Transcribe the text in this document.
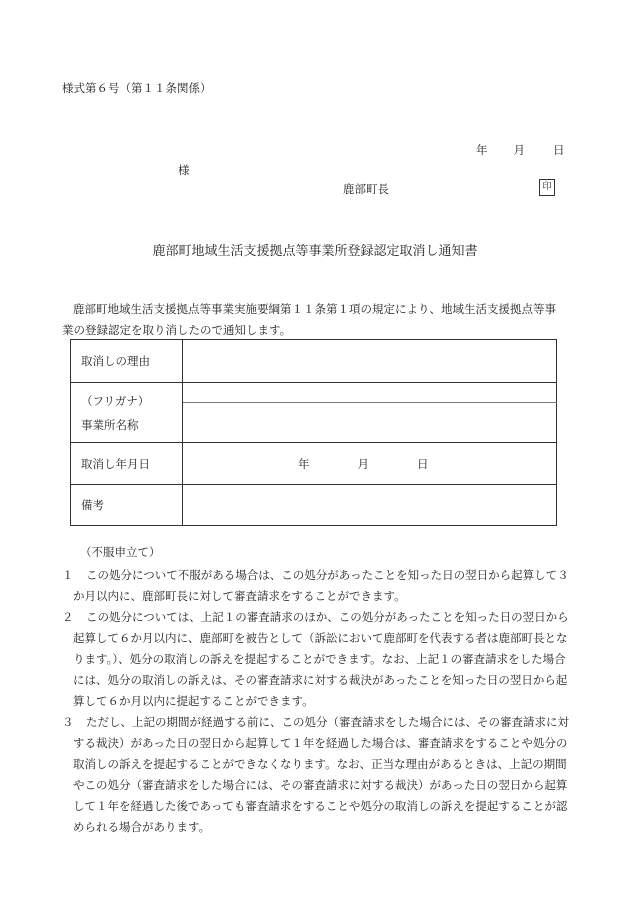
様式第６号（第１１条関係）
年 月 日
様
鹿部町長	印
鹿部町地域生活支援拠点等事業所登録認定取消し通知書
鹿部町地域生活支援拠点等事業実施要綱第１１条第１項の規定により、地域生活支援拠点等事業の登録認定を取り消したので通知します。
取消しの理由	

（フリガナ）
事業所名称	

取消し年月日	年 月 日
備考	
（不服申立て）
１ この処分について不服がある場合は、この処分があったことを知った日の翌日から起算して３か月以内に、鹿部町長に対して審査請求をすることができます。
２ この処分については、上記１の審査請求のほか、この処分があったことを知った日の翌日から起算して６か月以内に、鹿部町を被告として（訴訟において鹿部町を代表する者は鹿部町長となります。）、処分の取消しの訴えを提起することができます。なお、上記１の審査請求をした場合には、処分の取消しの訴えは、その審査請求に対する裁決があったことを知った日の翌日から起算して６か月以内に提起することができます。
３ ただし、上記の期間が経過する前に、この処分（審査請求をした場合には、その審査請求に対する裁決）があった日の翌日から起算して１年を経過した場合は、審査請求をすることや処分の取消しの訴えを提起することができなくなります。なお、正当な理由があるときは、上記の期間やこの処分（審査請求をした場合には、その審査請求に対する裁決）があった日の翌日から起算して１年を経過した後であっても審査請求をすることや処分の取消しの訴えを提起することが認められる場合があります。
